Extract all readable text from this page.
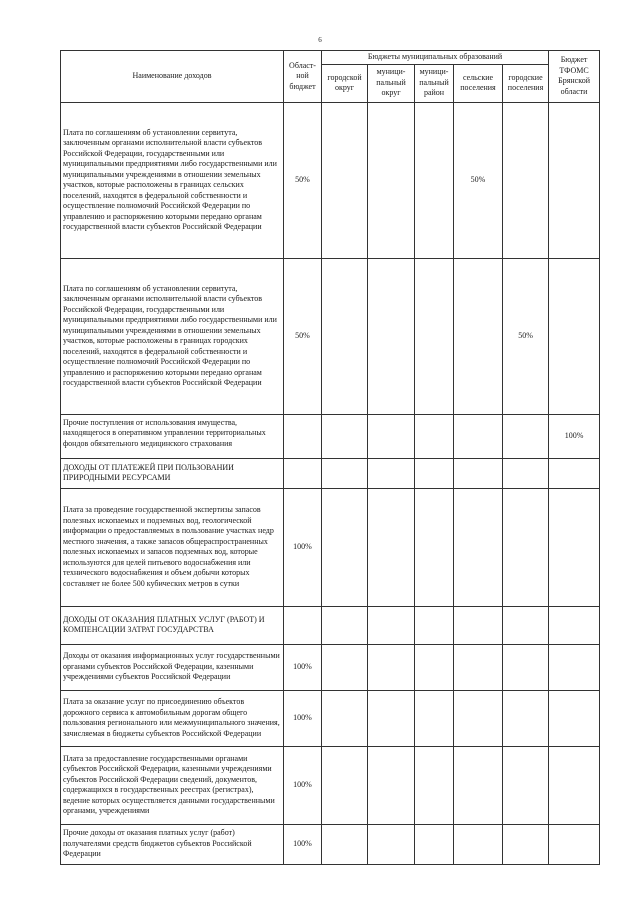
6
Наименование доходов	Област-ной бюджет	Бюджеты муниципальных образований					Бюджет ТФОМС Брянской области
		городской округ	муници-пальный округ	муници-пальный район	сельские поселения	городские поселения	
Плата по соглашениям об установлении сервитута, заключенным органами исполнительной власти субъектов Российской Федерации, государственными или муниципальными предприятиями либо государственными или муниципальными учреждениями в отношении земельных участков, которые расположены в границах сельских поселений, находятся в федеральной собственности и осуществление полномочий Российской Федерации по управлению и распоряжению которыми передано органам государственной власти субъектов Российской Федерации	50%				50%		
Плата по соглашениям об установлении сервитута, заключенным органами исполнительной власти субъектов Российской Федерации, государственными или муниципальными предприятиями либо государственными или муниципальными учреждениями в отношении земельных участков, которые расположены в границах городских поселений, находятся в федеральной собственности и осуществление полномочий Российской Федерации по управлению и распоряжению которыми передано органам государственной власти субъектов Российской Федерации	50%					50%	
Прочие поступления от использования имущества, находящегося в оперативном управлении территориальных фондов обязательного медицинского страхования							100%
ДОХОДЫ ОТ ПЛАТЕЖЕЙ ПРИ ПОЛЬЗОВАНИИ ПРИРОДНЫМИ РЕСУРСАМИ							
Плата за проведение государственной экспертизы запасов полезных ископаемых и подземных вод, геологической информации о предоставляемых в пользование участках недр местного значения, а также запасов общераспространенных полезных ископаемых и запасов подземных вод, которые используются для целей питьевого водоснабжения или технического водоснабжения и объем добычи которых составляет не более 500 кубических метров в сутки	100%						
ДОХОДЫ ОТ ОКАЗАНИЯ ПЛАТНЫХ УСЛУГ (РАБОТ) И КОМПЕНСАЦИИ ЗАТРАТ ГОСУДАРСТВА							
Доходы от оказания информационных услуг государственными органами субъектов Российской Федерации, казенными учреждениями субъектов Российской Федерации	100%						
Плата за оказание услуг по присоединению объектов дорожного сервиса к автомобильным дорогам общего пользования регионального или межмуниципального значения, зачисляемая в бюджеты субъектов Российской Федерации	100%						
Плата за предоставление государственными органами субъектов Российской Федерации, казенными учреждениями субъектов Российской Федерации сведений, документов, содержащихся в государственных реестрах (регистрах), ведение которых осуществляется данными государственными органами, учреждениями	100%						
Прочие доходы от оказания платных услуг (работ) получателями средств бюджетов субъектов Российской Федерации	100%						
